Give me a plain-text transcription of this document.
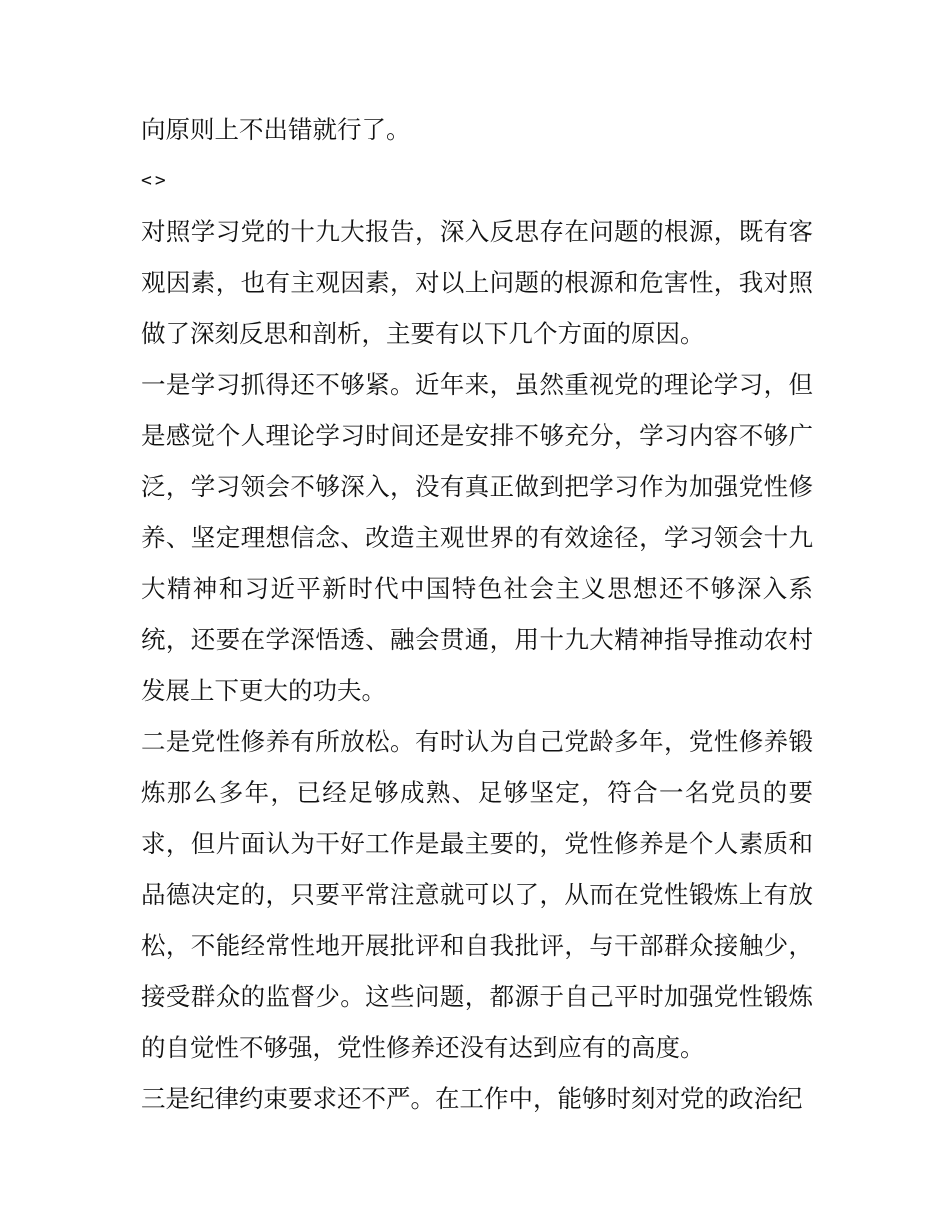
向原则上不出错就行了。

<>

对照学习党的十九大报告，深入反思存在问题的根源，既有客观因素，也有主观因素，对以上问题的根源和危害性，我对照做了深刻反思和剖析，主要有以下几个方面的原因。

一是学习抓得还不够紧。近年来，虽然重视党的理论学习，但是感觉个人理论学习时间还是安排不够充分，学习内容不够广泛，学习领会不够深入，没有真正做到把学习作为加强党性修养、坚定理想信念、改造主观世界的有效途径，学习领会十九大精神和习近平新时代中国特色社会主义思想还不够深入系统，还要在学深悟透、融会贯通，用十九大精神指导推动农村发展上下更大的功夫。

二是党性修养有所放松。有时认为自己党龄多年，党性修养锻炼那么多年，已经足够成熟、足够坚定，符合一名党员的要求，但片面认为干好工作是最主要的，党性修养是个人素质和品德决定的，只要平常注意就可以了，从而在党性锻炼上有放松，不能经常性地开展批评和自我批评，与干部群众接触少，接受群众的监督少。这些问题，都源于自己平时加强党性锻炼的自觉性不够强，党性修养还没有达到应有的高度。

三是纪律约束要求还不严。在工作中，能够时刻对党的政治纪
